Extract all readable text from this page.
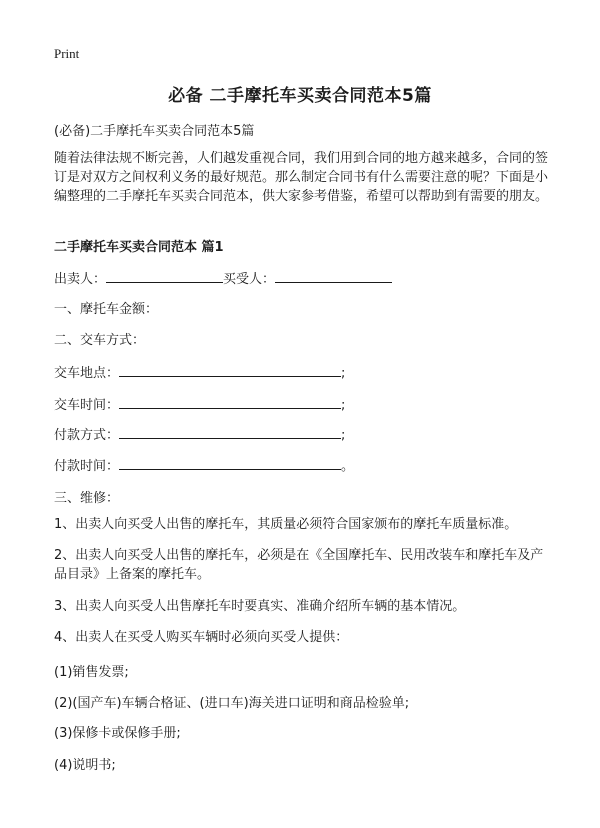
Print
必备 二手摩托车买卖合同范本5篇
(必备)二手摩托车买卖合同范本5篇
随着法律法规不断完善，人们越发重视合同，我们用到合同的地方越来越多，合同的签订是对双方之间权利义务的最好规范。那么制定合同书有什么需要注意的呢？下面是小编整理的二手摩托车买卖合同范本，供大家参考借鉴，希望可以帮助到有需要的朋友。
二手摩托车买卖合同范本 篇1
出卖人：	买受人：
一、摩托车金额：
二、交车方式：
交车地点：	;
交车时间：	;
付款方式：	;
付款时间：	。
三、维修：
1、出卖人向买受人出售的摩托车，其质量必须符合国家颁布的摩托车质量标准。
2、出卖人向买受人出售的摩托车，必须是在《全国摩托车、民用改装车和摩托车及产品目录》上备案的摩托车。
3、出卖人向买受人出售摩托车时要真实、准确介绍所车辆的基本情况。
4、出卖人在买受人购买车辆时必须向买受人提供：
(1)销售发票;
(2)(国产车)车辆合格证、(进口车)海关进口证明和商品检验单;
(3)保修卡或保修手册;
(4)说明书;
